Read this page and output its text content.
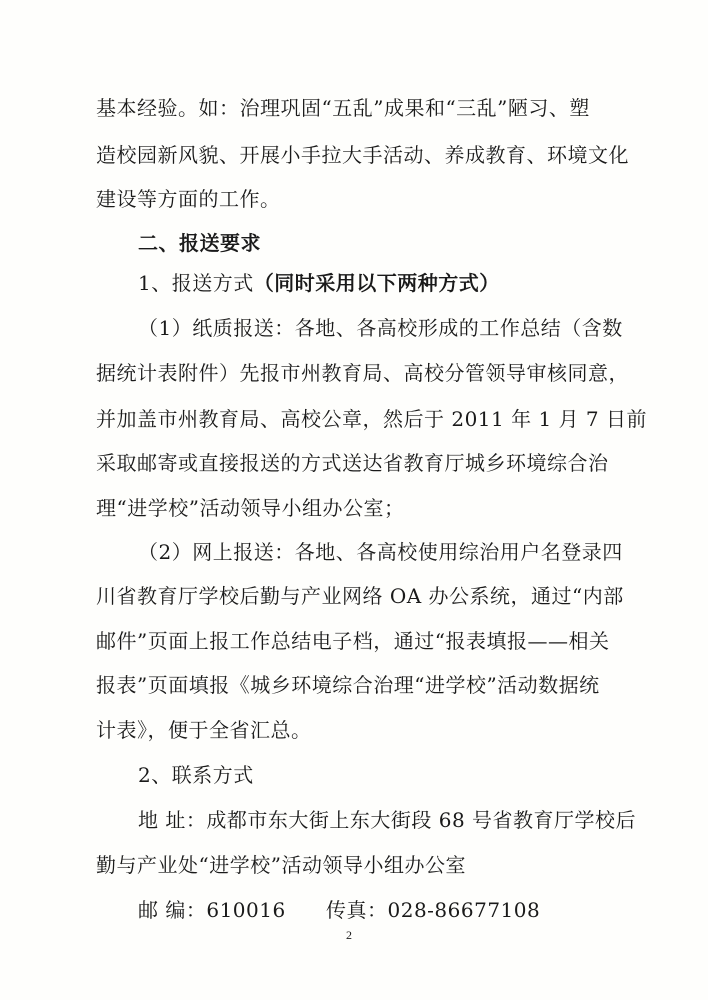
基本经验。如：治理巩固“五乱”成果和“三乱”陋习、塑
造校园新风貌、开展小手拉大手活动、养成教育、环境文化
建设等方面的工作。
二、报送要求
1、报送方式（同时采用以下两种方式）
（1）纸质报送：各地、各高校形成的工作总结（含数
据统计表附件）先报市州教育局、高校分管领导审核同意，
并加盖市州教育局、高校公章，然后于 2011 年 1 月 7 日前
采取邮寄或直接报送的方式送达省教育厅城乡环境综合治
理“进学校”活动领导小组办公室；
（2）网上报送：各地、各高校使用综治用户名登录四
川省教育厅学校后勤与产业网络 OA 办公系统，通过“内部
邮件”页面上报工作总结电子档，通过“报表填报——相关
报表”页面填报《城乡环境综合治理“进学校”活动数据统
计表》，便于全省汇总。
2、联系方式
地 址：成都市东大街上东大街段 68 号省教育厅学校后
勤与产业处“进学校”活动领导小组办公室
邮 编：610016 传真：028-86677108
2
